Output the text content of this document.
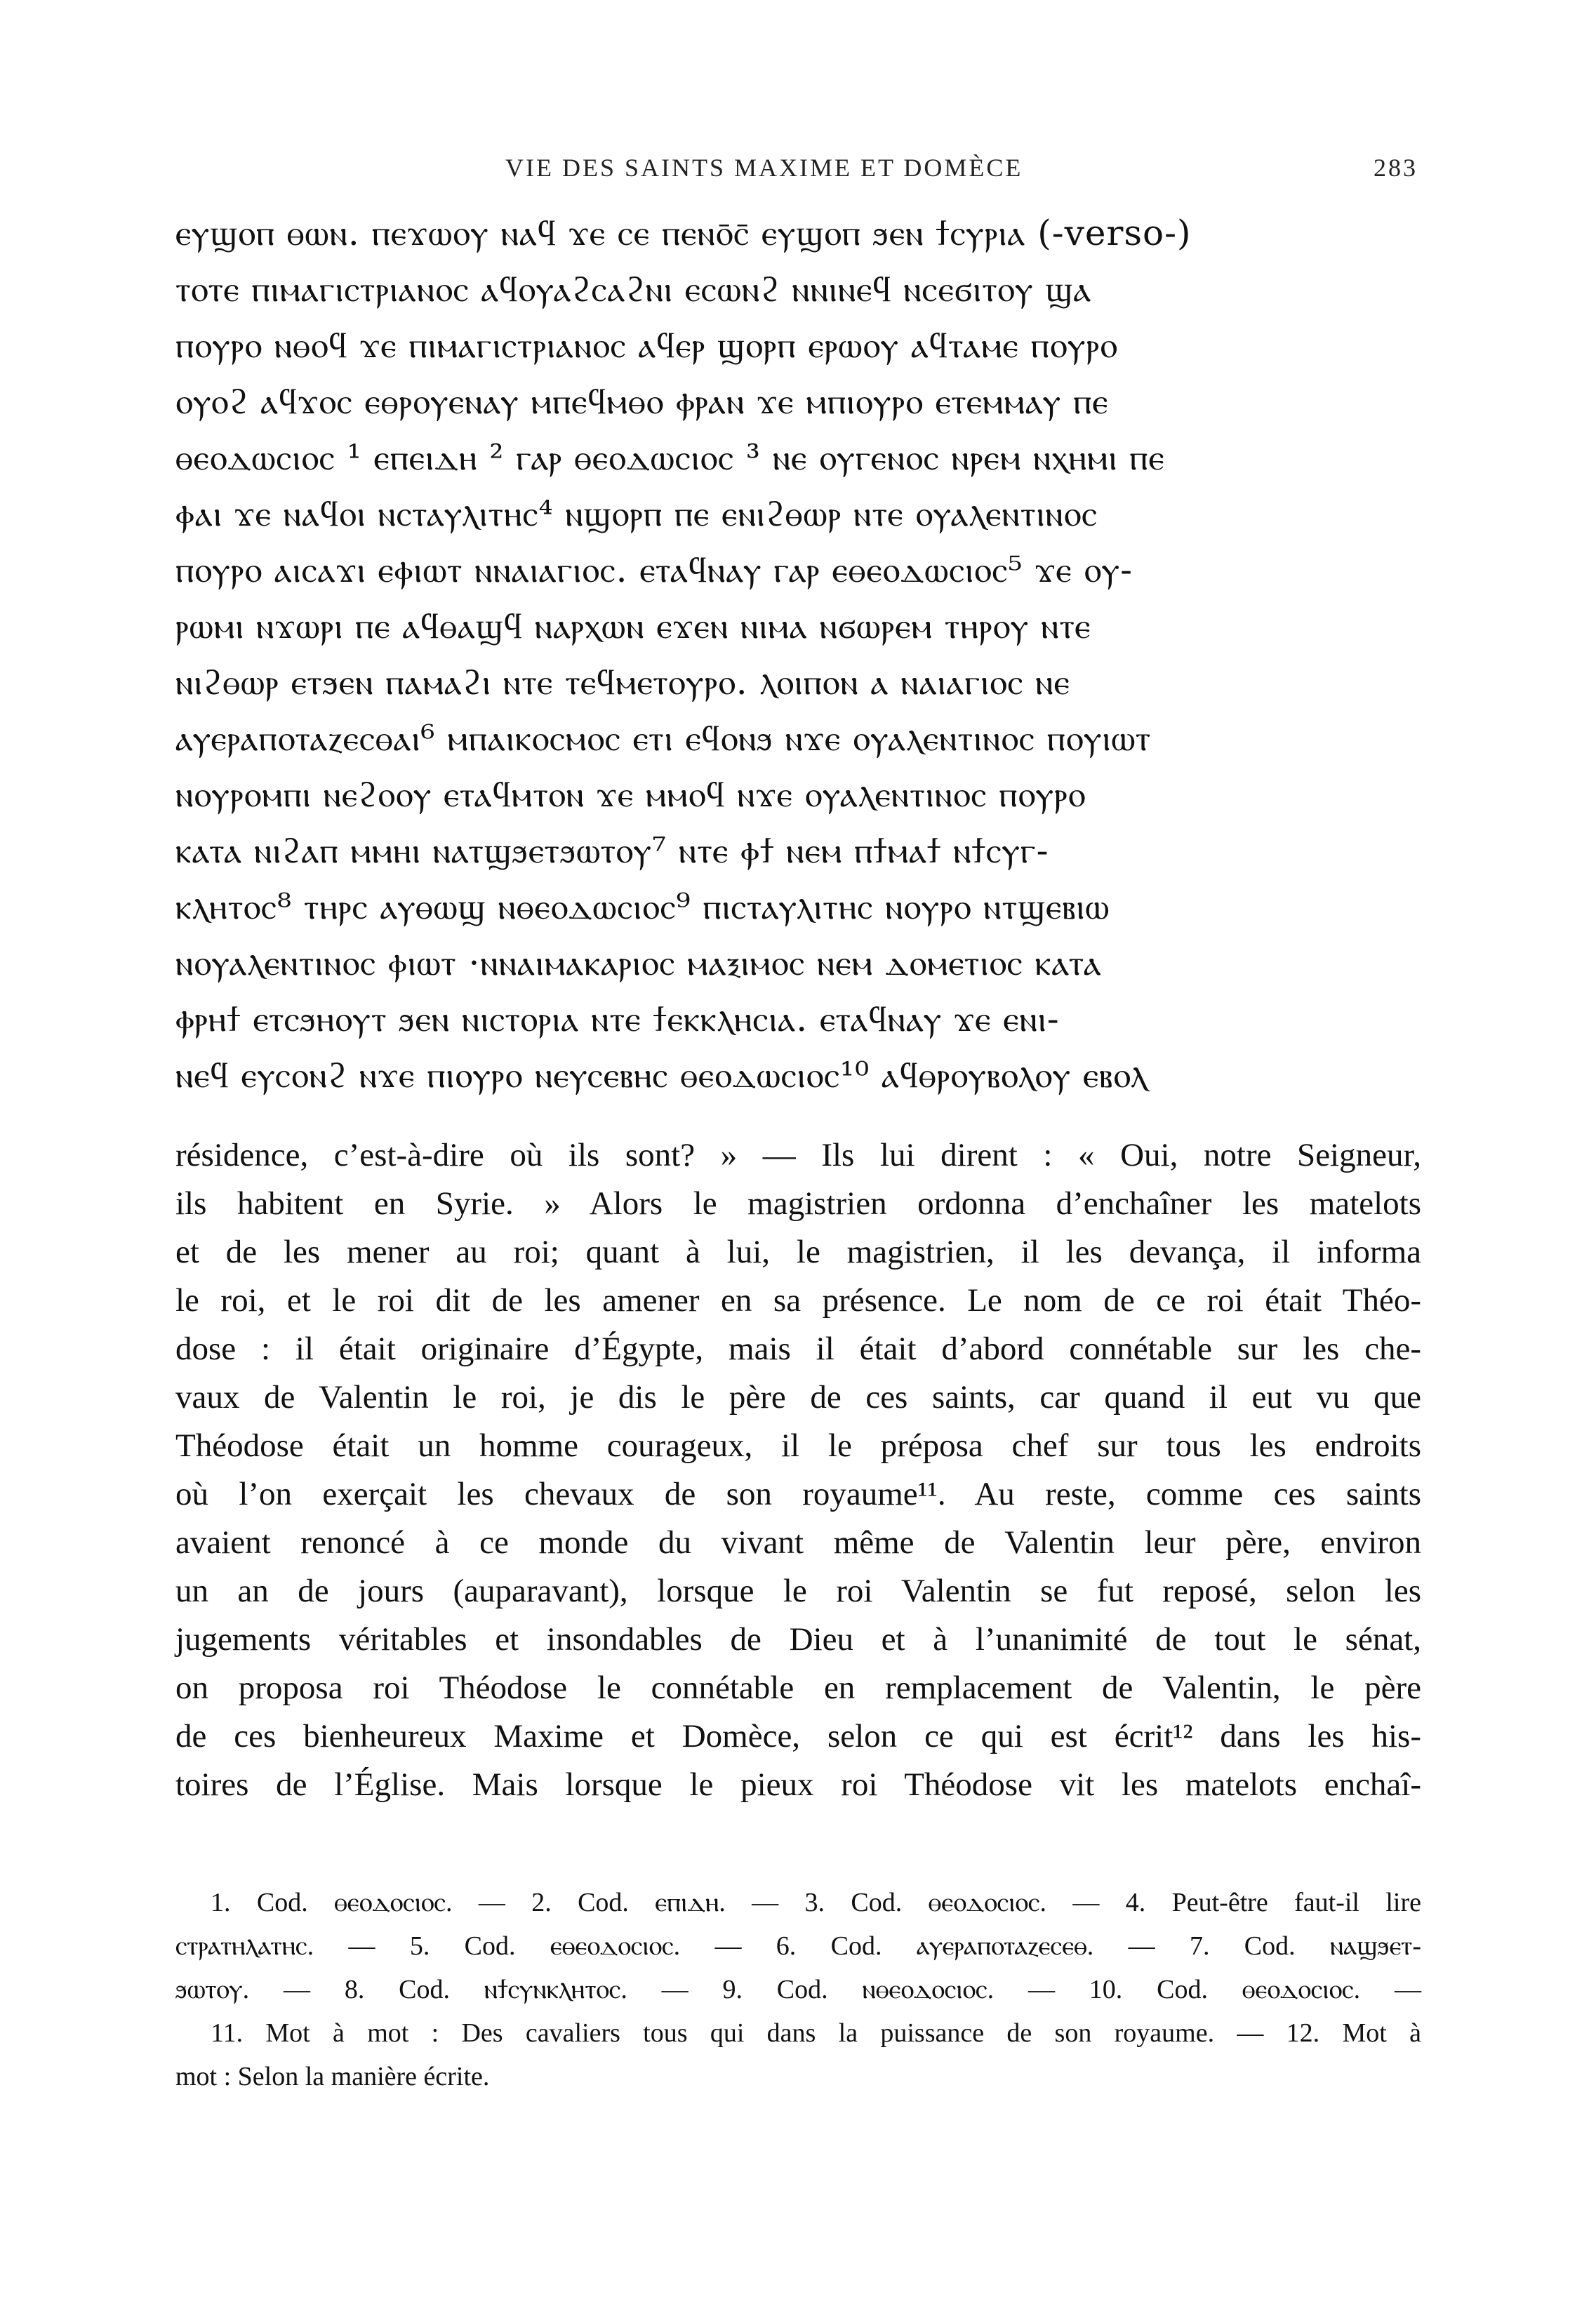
VIE DES SAINTS MAXIME ET DOMÈCE	283
ⲉⲩϣⲟⲡ ⲑⲱⲛ. ⲡⲉϫⲱⲟⲩ ⲛⲁϥ ϫⲉ ⲥⲉ ⲡⲉⲛⲟ̄ⲥ̄ ⲉⲩϣⲟⲡ ϧⲉⲛ ϯⲥⲩⲣⲓⲁ (-verso-)
ⲧⲟⲧⲉ ⲡⲓⲙⲁⲅⲓⲥⲧⲣⲓⲁⲛⲟⲥ ⲁϥⲟⲩⲁϩⲥⲁϩⲛⲓ ⲉⲥⲱⲛϩ ⲛⲛⲓⲛⲉϥ ⲛⲥⲉϭⲓⲧⲟⲩ ϣⲁ
ⲡⲟⲩⲣⲟ ⲛⲑⲟϥ ϫⲉ ⲡⲓⲙⲁⲅⲓⲥⲧⲣⲓⲁⲛⲟⲥ ⲁϥⲉⲣ ϣⲟⲣⲡ ⲉⲣⲱⲟⲩ ⲁϥⲧⲁⲙⲉ ⲡⲟⲩⲣⲟ
ⲟⲩⲟϩ ⲁϥϫⲟⲥ ⲉⲑⲣⲟⲩⲉⲛⲁⲩ ⲙⲡⲉϥⲙⲑⲟ ⲫⲣⲁⲛ ϫⲉ ⲙⲡⲓⲟⲩⲣⲟ ⲉⲧⲉⲙⲙⲁⲩ ⲡⲉ
ⲑⲉⲟⲇⲱⲥⲓⲟⲥ ¹ ⲉⲡⲉⲓⲇⲏ ² ⲅⲁⲣ ⲑⲉⲟⲇⲱⲥⲓⲟⲥ ³ ⲛⲉ ⲟⲩⲅⲉⲛⲟⲥ ⲛⲣⲉⲙ ⲛⲭⲏⲙⲓ ⲡⲉ
ⲫⲁⲓ ϫⲉ ⲛⲁϥⲟⲓ ⲛⲥⲧⲁⲩⲗⲓⲧⲏⲥ⁴ ⲛϣⲟⲣⲡ ⲡⲉ ⲉⲛⲓϩⲑⲱⲣ ⲛⲧⲉ ⲟⲩⲁⲗⲉⲛⲧⲓⲛⲟⲥ
ⲡⲟⲩⲣⲟ ⲁⲓⲥⲁϫⲓ ⲉⲫⲓⲱⲧ ⲛⲛⲁⲓⲁⲅⲓⲟⲥ. ⲉⲧⲁϥⲛⲁⲩ ⲅⲁⲣ ⲉⲑⲉⲟⲇⲱⲥⲓⲟⲥ⁵ ϫⲉ ⲟⲩ-
ⲣⲱⲙⲓ ⲛϫⲱⲣⲓ ⲡⲉ ⲁϥⲑⲁϣϥ ⲛⲁⲣⲭⲱⲛ ⲉϫⲉⲛ ⲛⲓⲙⲁ ⲛϭⲱⲣⲉⲙ ⲧⲏⲣⲟⲩ ⲛⲧⲉ
ⲛⲓϩⲑⲱⲣ ⲉⲧϧⲉⲛ ⲡⲁⲙⲁϩⲓ ⲛⲧⲉ ⲧⲉϥⲙⲉⲧⲟⲩⲣⲟ. ⲗⲟⲓⲡⲟⲛ ⲁ ⲛⲁⲓⲁⲅⲓⲟⲥ ⲛⲉ
ⲁⲩⲉⲣⲁⲡⲟⲧⲁⲍⲉⲥⲑⲁⲓ⁶ ⲙⲡⲁⲓⲕⲟⲥⲙⲟⲥ ⲉⲧⲓ ⲉϥⲟⲛϧ ⲛϫⲉ ⲟⲩⲁⲗⲉⲛⲧⲓⲛⲟⲥ ⲡⲟⲩⲓⲱⲧ
ⲛⲟⲩⲣⲟⲙⲡⲓ ⲛⲉϩⲟⲟⲩ ⲉⲧⲁϥⲙⲧⲟⲛ ϫⲉ ⲙⲙⲟϥ ⲛϫⲉ ⲟⲩⲁⲗⲉⲛⲧⲓⲛⲟⲥ ⲡⲟⲩⲣⲟ
ⲕⲁⲧⲁ ⲛⲓϩⲁⲡ ⲙⲙⲏⲓ ⲛⲁⲧϣϧⲉⲧϧⲱⲧⲟⲩ⁷ ⲛⲧⲉ ⲫϯ ⲛⲉⲙ ⲡϯⲙⲁϯ ⲛϯⲥⲩⲅ-
ⲕⲗⲏⲧⲟⲥ⁸ ⲧⲏⲣⲥ ⲁⲩⲑⲱϣ ⲛⲑⲉⲟⲇⲱⲥⲓⲟⲥ⁹ ⲡⲓⲥⲧⲁⲩⲗⲓⲧⲏⲥ ⲛⲟⲩⲣⲟ ⲛⲧϣⲉⲃⲓⲱ
ⲛⲟⲩⲁⲗⲉⲛⲧⲓⲛⲟⲥ ⲫⲓⲱⲧ ·ⲛⲛⲁⲓⲙⲁⲕⲁⲣⲓⲟⲥ ⲙⲁⲝⲓⲙⲟⲥ ⲛⲉⲙ ⲇⲟⲙⲉⲧⲓⲟⲥ ⲕⲁⲧⲁ
ⲫⲣⲏϯ ⲉⲧⲥϧⲏⲟⲩⲧ ϧⲉⲛ ⲛⲓⲥⲧⲟⲣⲓⲁ ⲛⲧⲉ ϯⲉⲕⲕⲗⲏⲥⲓⲁ. ⲉⲧⲁϥⲛⲁⲩ ϫⲉ ⲉⲛⲓ-
ⲛⲉϥ ⲉⲩⲥⲟⲛϩ ⲛϫⲉ ⲡⲓⲟⲩⲣⲟ ⲛⲉⲩⲥⲉⲃⲏⲥ ⲑⲉⲟⲇⲱⲥⲓⲟⲥ¹⁰ ⲁϥⲑⲣⲟⲩⲃⲟⲗⲟⲩ ⲉⲃⲟⲗ
résidence, c’est-à-dire où ils sont? » — Ils lui dirent : « Oui, notre Seigneur,
ils habitent en Syrie. » Alors le magistrien ordonna d’enchaîner les matelots
et de les mener au roi; quant à lui, le magistrien, il les devança, il informa
le roi, et le roi dit de les amener en sa présence. Le nom de ce roi était Théo-
dose : il était originaire d’Égypte, mais il était d’abord connétable sur les che-
vaux de Valentin le roi, je dis le père de ces saints, car quand il eut vu que
Théodose était un homme courageux, il le préposa chef sur tous les endroits
où l’on exerçait les chevaux de son royaume¹¹. Au reste, comme ces saints
avaient renoncé à ce monde du vivant même de Valentin leur père, environ
un an de jours (auparavant), lorsque le roi Valentin se fut reposé, selon les
jugements véritables et insondables de Dieu et à l’unanimité de tout le sénat,
on proposa roi Théodose le connétable en remplacement de Valentin, le père
de ces bienheureux Maxime et Domèce, selon ce qui est écrit¹² dans les his-
toires de l’Église. Mais lorsque le pieux roi Théodose vit les matelots enchaî-
1. Cod. ⲑⲉⲟⲇⲟⲥⲓⲟⲥ. — 2. Cod. ⲉⲡⲓⲇⲏ. — 3. Cod. ⲑⲉⲟⲇⲟⲥⲓⲟⲥ. — 4. Peut-être faut-il lire
ⲥⲧⲣⲁⲧⲏⲗⲁⲧⲏⲥ. — 5. Cod. ⲉⲑⲉⲟⲇⲟⲥⲓⲟⲥ. — 6. Cod. ⲁⲩⲉⲣⲁⲡⲟⲧⲁⲍⲉⲥⲉⲑ. — 7. Cod. ⲛⲁϣϧⲉⲧ-
ϧⲱⲧⲟⲩ. — 8. Cod. ⲛϯⲥⲩⲛⲕⲗⲏⲧⲟⲥ. — 9. Cod. ⲛⲑⲉⲟⲇⲟⲥⲓⲟⲥ. — 10. Cod. ⲑⲉⲟⲇⲟⲥⲓⲟⲥ. —
11. Mot à mot : Des cavaliers tous qui dans la puissance de son royaume. — 12. Mot à
mot : Selon la manière écrite.
